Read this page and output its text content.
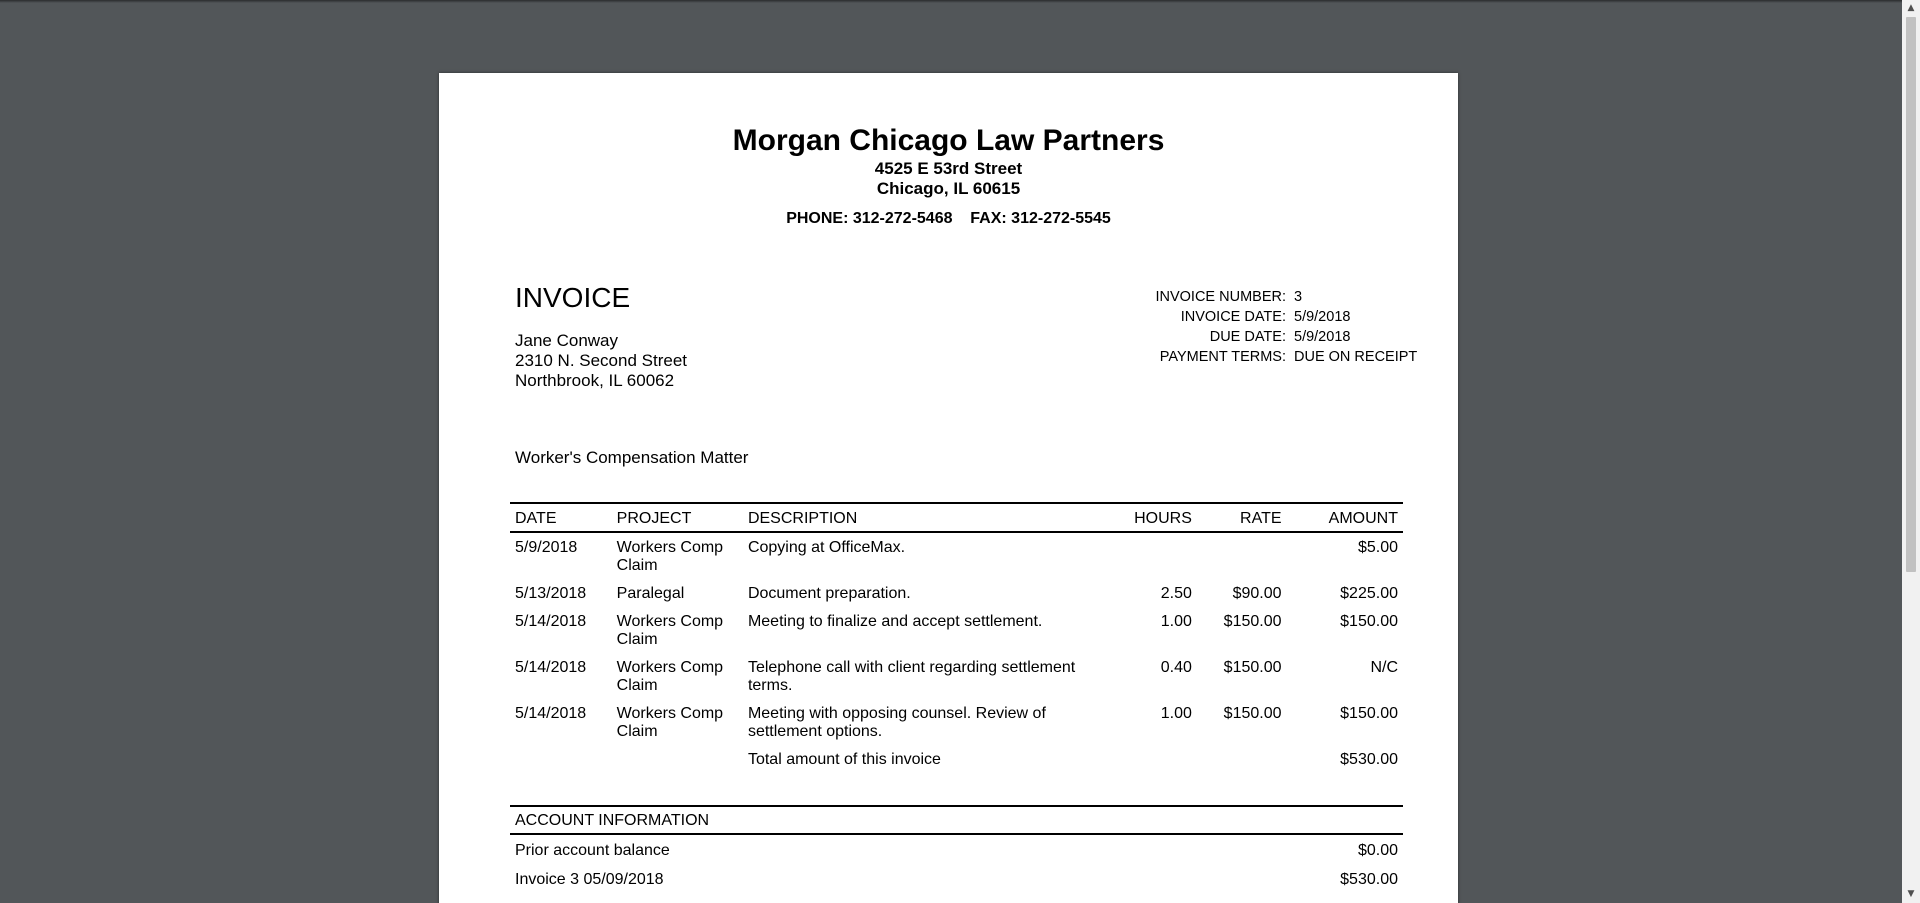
Morgan Chicago Law Partners
4525 E 53rd Street
Chicago, IL 60615
PHONE: 312-272-5468    FAX: 312-272-5545
INVOICE
Jane Conway
2310 N. Second Street
Northbrook, IL 60062
INVOICE NUMBER: 3
INVOICE DATE: 5/9/2018
DUE DATE: 5/9/2018
PAYMENT TERMS: DUE ON RECEIPT
Worker's Compensation Matter
DATE	PROJECT	DESCRIPTION	HOURS	RATE	AMOUNT
5/9/2018	Workers Comp Claim	Copying at OfficeMax.			$5.00
5/13/2018	Paralegal	Document preparation.	2.50	$90.00	$225.00
5/14/2018	Workers Comp Claim	Meeting to finalize and accept settlement.	1.00	$150.00	$150.00
5/14/2018	Workers Comp Claim	Telephone call with client regarding settlement terms.	0.40	$150.00	N/C
5/14/2018	Workers Comp Claim	Meeting with opposing counsel. Review of settlement options.	1.00	$150.00	$150.00
		Total amount of this invoice			$530.00
ACCOUNT INFORMATION
Prior account balance	$0.00
Invoice 3 05/09/2018	$530.00
▲
▼
